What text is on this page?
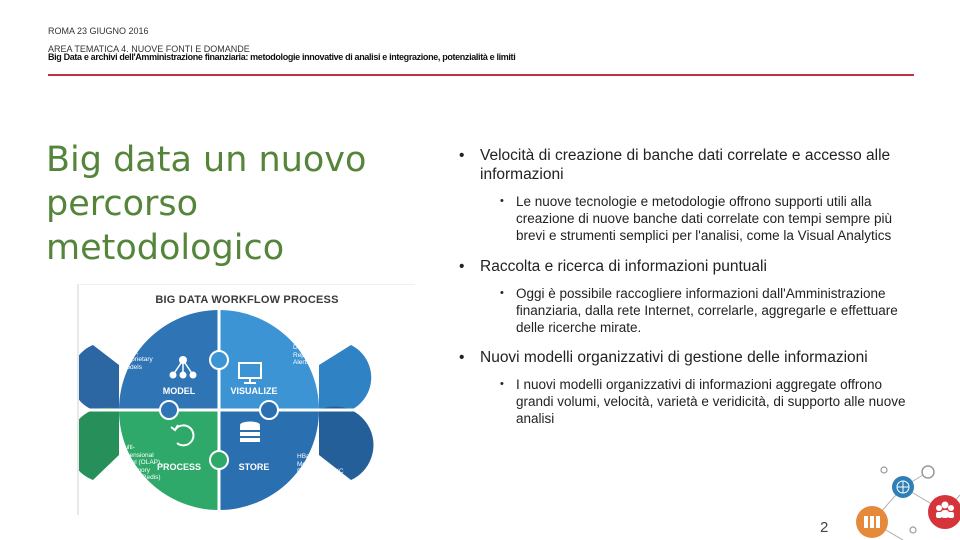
ROMA 23 GIUGNO 2016
AREA TEMATICA 4. NUOVE FONTI E DOMANDE
Big Data e archivi dell'Amministrazione finanziaria: metodologie innovative di analisi e integrazione, potenzialità e limiti
Big data un nuovo
percorso
metodologico
BIG DATA WORKFLOW PROCESS
MODEL	VISUALIZE
PROCESS	STORE
ETL,
Mesa,
Proprietary
Models
Dashboards,
Reports,
Alerts
Multi-
dimensional
model (OLAP),
In-memory
Cache (Redis)
HBase,
MongoDB,
PostgreSQL-XC
• Velocità di creazione di banche dati correlate e accesso alle informazioni
• Le nuove tecnologie e metodologie offrono supporti utili alla creazione di nuove banche dati correlate con tempi sempre più brevi e strumenti semplici per l'analisi, come la Visual Analytics
• Raccolta e ricerca di informazioni puntuali
• Oggi è possibile raccogliere informazioni dall'Amministrazione finanziaria, dalla rete Internet, correlarle, aggregarle e effettuare delle ricerche mirate.
• Nuovi modelli organizzativi di gestione delle informazioni
• I nuovi modelli organizzativi di informazioni aggregate offrono grandi volumi, velocità, varietà e veridicità, di supporto alle nuove analisi
2
